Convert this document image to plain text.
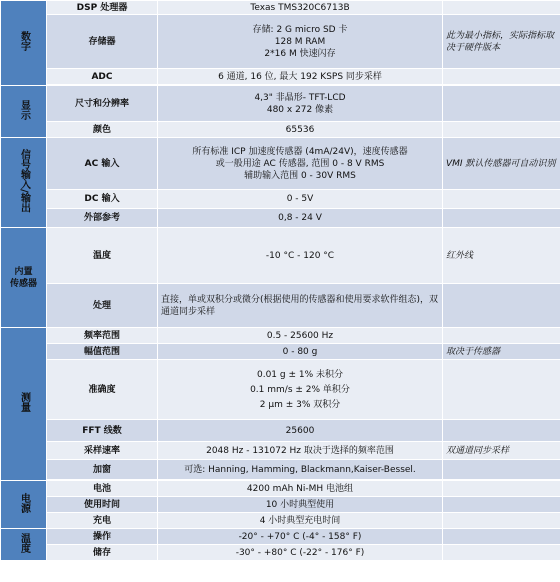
数字	DSP 处理器	Texas TMS320C6713B	
	存储器	存储: 2 G micro SD 卡
128 M RAM
2*16 M 快速闪存	此为最小指标，实际指标取决于硬件版本
	ADC	6 通道, 16 位, 最大 192 KSPS 同步采样	

显示	尺寸和分辨率	4,3" 非晶形- TFT-LCD
480 x 272 像素	

	颜色	65536	
信号输入/输出	AC 输入	所有标准 ICP 加速度传感器 (4mA/24V)，速度传感器
或一般用途 AC 传感器, 范围 0 - 8 V RMS
辅助输入范围 0 - 30V RMS	VMI 默认传感器可自动识别
	DC 输入	0 - 5V	
	外部参考	0,8 - 24 V	

内置
传感器	温度	-10 °C - 120 °C	红外线
	处理	直接，单或双积分或微分(根据使用的传感器和使用要求软件组态)，双通道同步采样	

测量	频率范围	0.5 - 25600 Hz	
	幅值范围	0 - 80 g	取决于传感器
	准确度	0.01 g ± 1% 未积分
0.1 mm/s ± 2% 单积分
2 μm ± 3% 双积分	

	FFT 线数	25600	
	采样速率	2048 Hz - 131072 Hz 取决于选择的频率范围	双通道同步采样
	加窗	可选: Hanning, Hamming, Blackmann,Kaiser-Bessel.	

电源	电池	4200 mAh Ni-MH 电池组	
	使用时间	10 小时典型使用	
	充电	4 小时典型充电时间	
温度	操作	-20° - +70° C (-4° - 158° F)	
	储存	-30° - +80° C (-22° - 176° F)	
